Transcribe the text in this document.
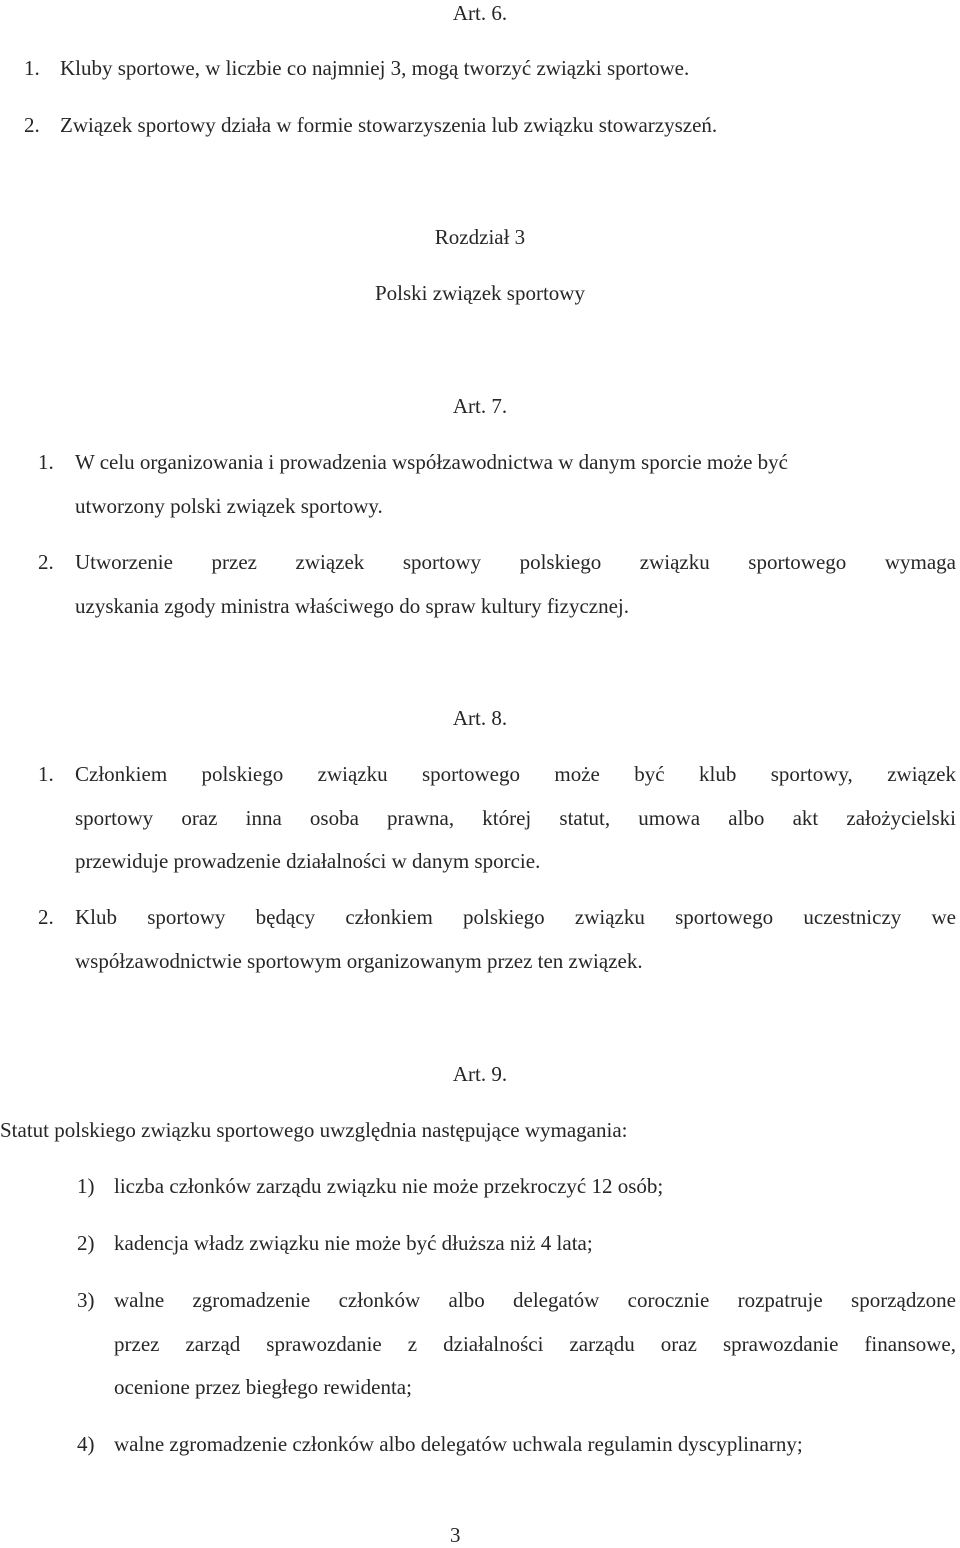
Art. 6.
1. Kluby sportowe, w liczbie co najmniej 3, mogą tworzyć związki sportowe.
2. Związek sportowy działa w formie stowarzyszenia lub związku stowarzyszeń.
Rozdział 3
Polski związek sportowy
Art. 7.
1. W celu organizowania i prowadzenia współzawodnictwa w danym sporcie może być
utworzony polski związek sportowy.
2. Utworzenie przez związek sportowy polskiego związku sportowego wymaga
uzyskania zgody ministra właściwego do spraw kultury fizycznej.
Art. 8.
1. Członkiem polskiego związku sportowego może być klub sportowy, związek
sportowy oraz inna osoba prawna, której statut, umowa albo akt założycielski
przewiduje prowadzenie działalności w danym sporcie.
2. Klub sportowy będący członkiem polskiego związku sportowego uczestniczy we
współzawodnictwie sportowym organizowanym przez ten związek.
Art. 9.
Statut polskiego związku sportowego uwzględnia następujące wymagania:
1) liczba członków zarządu związku nie może przekroczyć 12 osób;
2) kadencja władz związku nie może być dłuższa niż 4 lata;
3) walne zgromadzenie członków albo delegatów corocznie rozpatruje sporządzone
przez zarząd sprawozdanie z działalności zarządu oraz sprawozdanie finansowe,
ocenione przez biegłego rewidenta;
4) walne zgromadzenie członków albo delegatów uchwala regulamin dyscyplinarny;
3
